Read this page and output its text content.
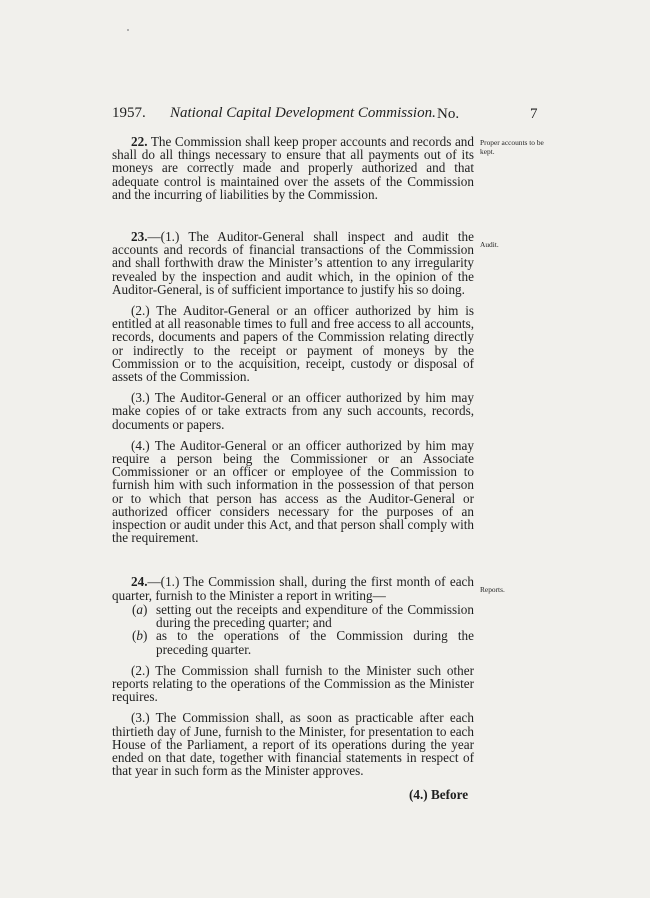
1957. National Capital Development Commission. No.	7

22. The Commission shall keep proper accounts and records and shall do all things necessary to ensure that all payments out of its moneys are correctly made and properly authorized and that adequate control is maintained over the assets of the Commission and the incurring of liabilities by the Commission.

Proper accounts to be kept.

23.—(1.) The Auditor-General shall inspect and audit the accounts and records of financial transactions of the Commission and shall forthwith draw the Minister’s attention to any irregularity revealed by the inspection and audit which, in the opinion of the Auditor-General, is of sufficient importance to justify his so doing.

(2.) The Auditor-General or an officer authorized by him is entitled at all reasonable times to full and free access to all accounts, records, documents and papers of the Commission relating directly or indirectly to the receipt or payment of moneys by the Commission or to the acquisition, receipt, custody or disposal of assets of the Commission.

(3.) The Auditor-General or an officer authorized by him may make copies of or take extracts from any such accounts, records, documents or papers.

(4.) The Auditor-General or an officer authorized by him may require a person being the Commissioner or an Associate Commissioner or an officer or employee of the Commission to furnish him with such information in the possession of that person or to which that person has access as the Auditor-General or authorized officer considers necessary for the purposes of an inspection or audit under this Act, and that person shall comply with the requirement.

Audit.

24.—(1.) The Commission shall, during the first month of each quarter, furnish to the Minister a report in writing—

(a) setting out the receipts and expenditure of the Commission during the preceding quarter; and
(b) as to the operations of the Commission during the preceding quarter.

(2.) The Commission shall furnish to the Minister such other reports relating to the operations of the Commission as the Minister requires.

(3.) The Commission shall, as soon as practicable after each thirtieth day of June, furnish to the Minister, for presentation to each House of the Parliament, a report of its operations during the year ended on that date, together with financial statements in respect of that year in such form as the Minister approves.

Reports.
(4.) Before
